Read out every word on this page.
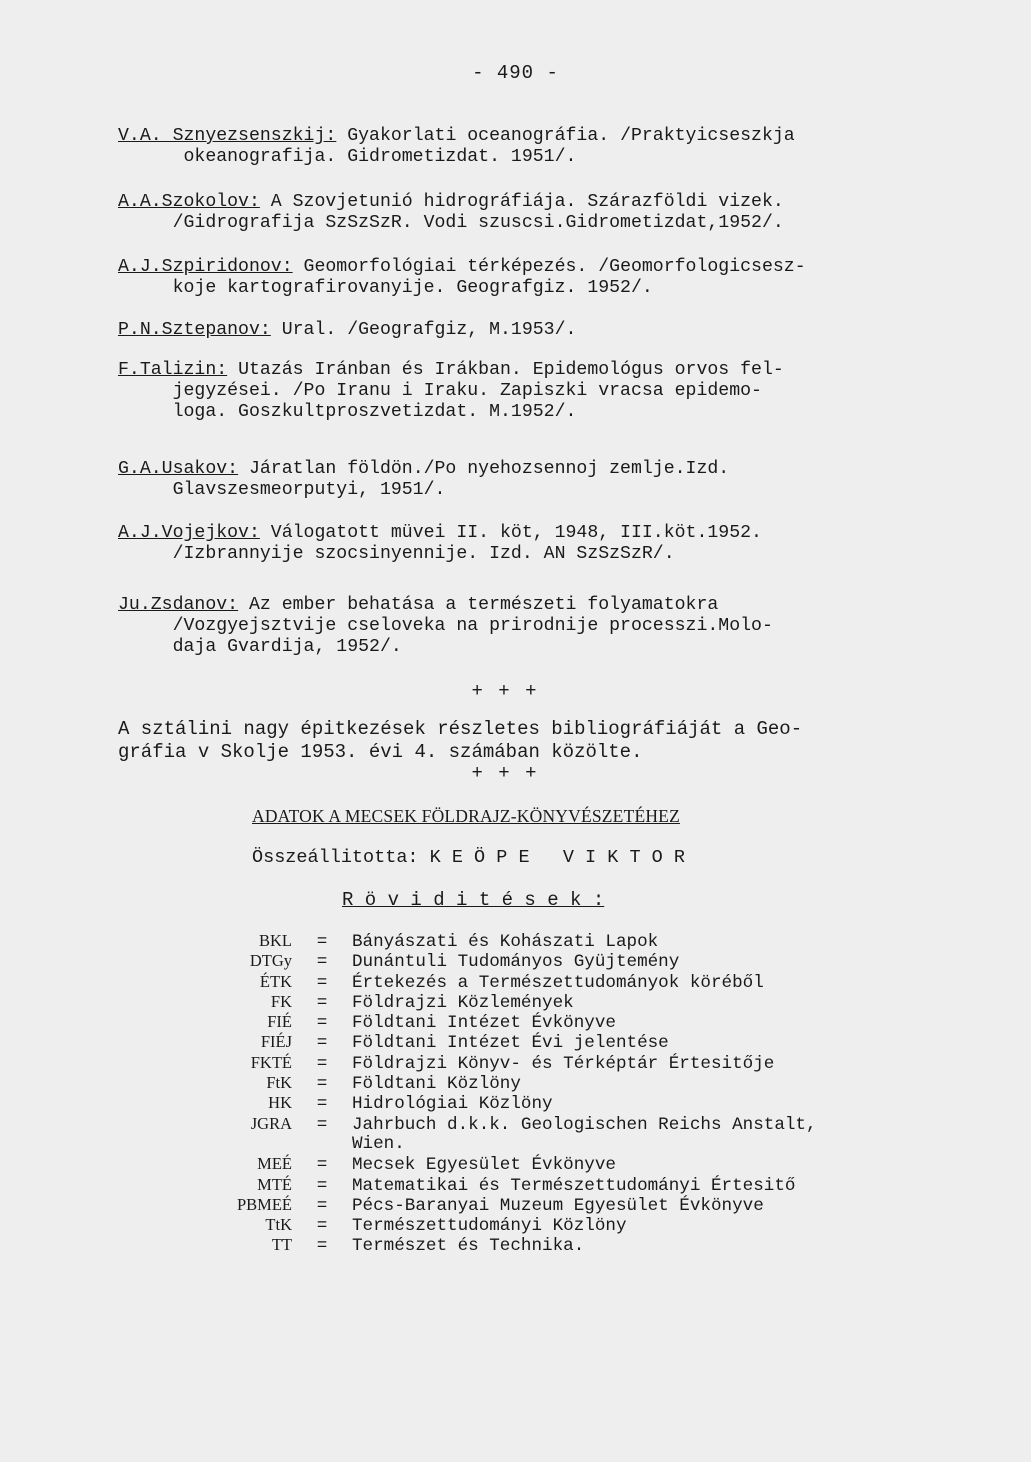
- 490 -
V.A. Sznyezsenszkij: Gyakorlati oceanográfia. /Praktyicseszkja
okeanografija. Gidrometizdat. 1951/.
A.A.Szokolov: A Szovjetunió hidrográfiája. Szárazföldi vizek.
/Gidrografija SzSzSzR. Vodi szuscsi.Gidrometizdat,1952/.
A.J.Szpiridonov: Geomorfológiai térképezés. /Geomorfologicsesz-
koje kartografirovanyije. Geografgiz. 1952/.
P.N.Sztepanov: Ural. /Geografgiz, M.1953/.
F.Talizin: Utazás Iránban és Irákban. Epidemológus orvos fel-
jegyzései. /Po Iranu i Iraku. Zapiszki vracsa epidemo-
loga. Goszkultproszvetizdat. M.1952/.
G.A.Usakov: Járatlan földön./Po nyehozsennoj zemlje.Izd.
Glavszesmeorputyi, 1951/.
A.J.Vojejkov: Válogatott müvei II. köt, 1948, III.köt.1952.
/Izbrannyije szocsinyennije. Izd. AN SzSzSzR/.
Ju.Zsdanov: Az ember behatása a természeti folyamatokra
/Vozgyejsztvije cseloveka na prirodnije processzi.Molo-
daja Gvardija, 1952/.
+ + +
A sztálini nagy épitkezések részletes bibliográfiáját a Geo-
gráfia v Skolje 1953. évi 4. számában közölte.
+ + +
ADATOK A MECSEK FÖLDRAJZ-KÖNYVÉSZETÉHEZ
Összeállitotta: K E Ö P E   V I K T O R
R ö v i d i t é s e k :
BKL	=	Bányászati és Kohászati Lapok
DTGy	=	Dunántuli Tudományos Gyüjtemény
ÉTK	=	Értekezés a Természettudományok köréből
FK	=	Földrajzi Közlemények
FIÉ	=	Földtani Intézet Évkönyve
FIÉJ	=	Földtani Intézet Évi jelentése
FKTÉ	=	Földrajzi Könyv- és Térképtár Értesitője
FtK	=	Földtani Közlöny
HK	=	Hidrológiai Közlöny
JGRA	=	Jahrbuch d.k.k. Geologischen Reichs Anstalt,
Wien.
MEÉ	=	Mecsek Egyesület Évkönyve
MTÉ	=	Matematikai és Természettudományi Értesitő
PBMEÉ	=	Pécs-Baranyai Muzeum Egyesület Évkönyve
TtK	=	Természettudományi Közlöny
TT	=	Természet és Technika.
